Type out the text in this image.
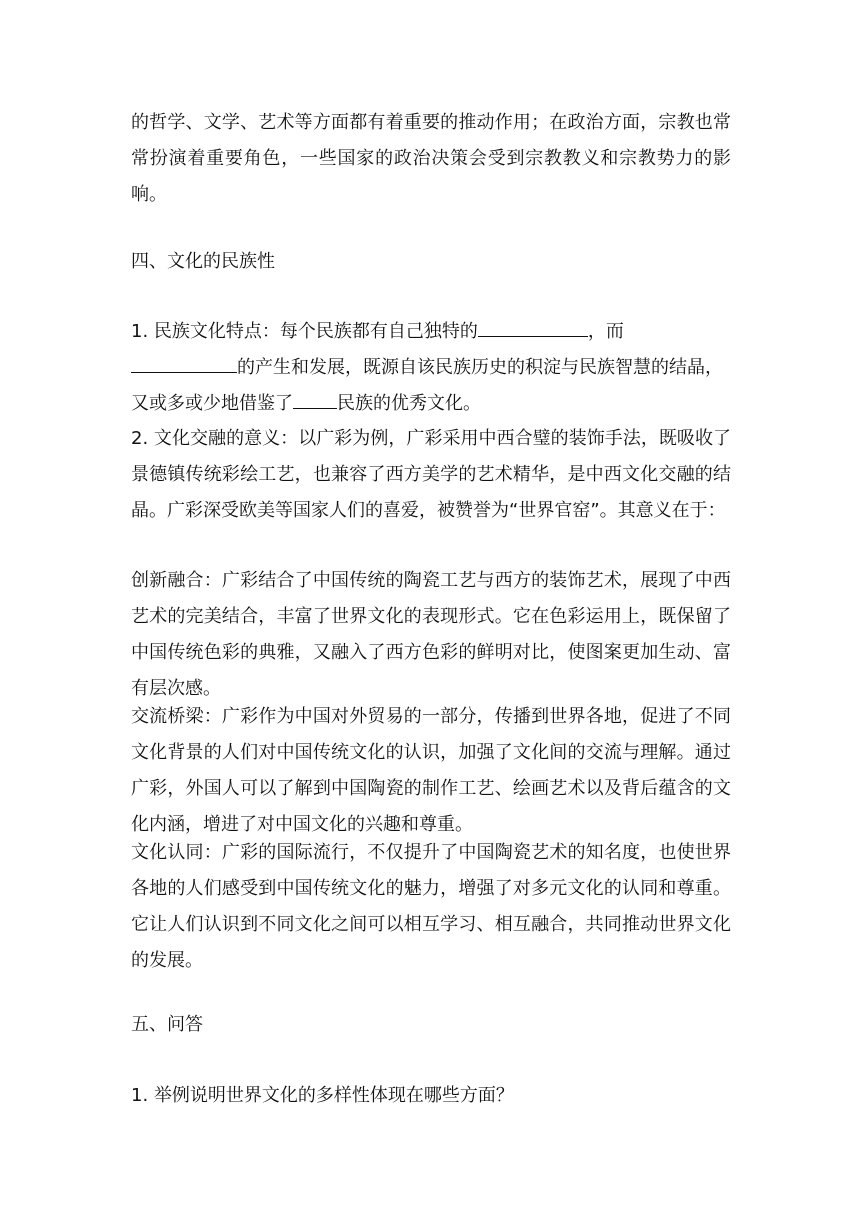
的哲学、文学、艺术等方面都有着重要的推动作用；在政治方面，宗教也常常扮演着重要角色，一些国家的政治决策会受到宗教教义和宗教势力的影响。
四、文化的民族性
1. 民族文化特点：每个民族都有自己独特的	，而
的产生和发展，既源自该民族历史的积淀与民族智慧的结晶，又或多或少地借鉴了 民族的优秀文化。
2. 文化交融的意义：以广彩为例，广彩采用中西合璧的装饰手法，既吸收了景德镇传统彩绘工艺，也兼容了西方美学的艺术精华，是中西文化交融的结晶。广彩深受欧美等国家人们的喜爱，被赞誉为“世界官窑”。其意义在于：
创新融合：广彩结合了中国传统的陶瓷工艺与西方的装饰艺术，展现了中西艺术的完美结合，丰富了世界文化的表现形式。它在色彩运用上，既保留了中国传统色彩的典雅，又融入了西方色彩的鲜明对比，使图案更加生动、富有层次感。
交流桥梁：广彩作为中国对外贸易的一部分，传播到世界各地，促进了不同文化背景的人们对中国传统文化的认识，加强了文化间的交流与理解。通过广彩，外国人可以了解到中国陶瓷的制作工艺、绘画艺术以及背后蕴含的文化内涵，增进了对中国文化的兴趣和尊重。
文化认同：广彩的国际流行，不仅提升了中国陶瓷艺术的知名度，也使世界各地的人们感受到中国传统文化的魅力，增强了对多元文化的认同和尊重。它让人们认识到不同文化之间可以相互学习、相互融合，共同推动世界文化的发展。
五、问答
1. 举例说明世界文化的多样性体现在哪些方面？
